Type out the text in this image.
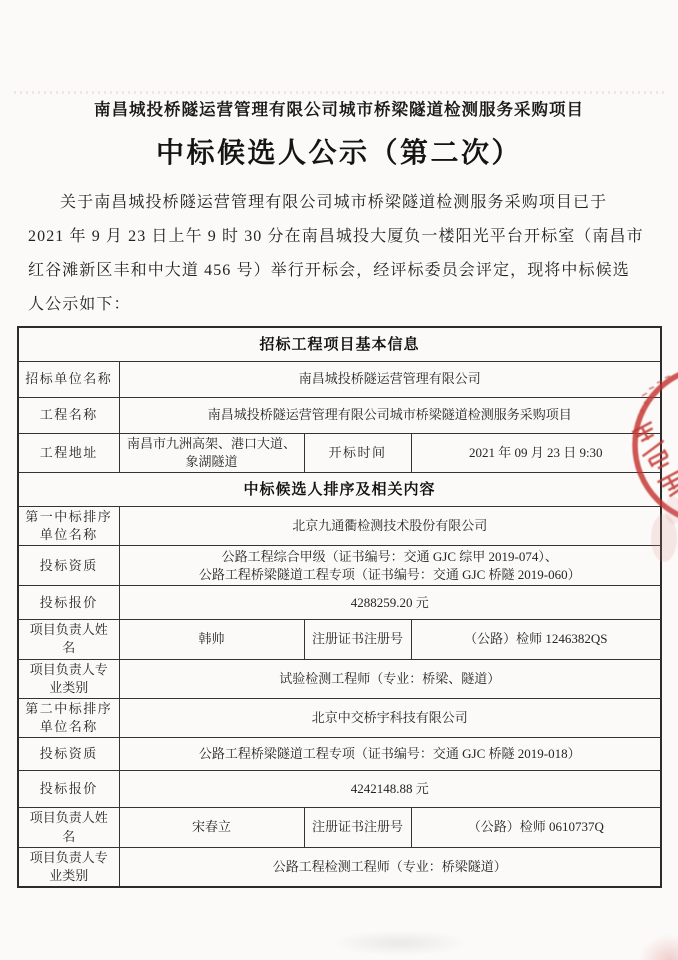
南昌城投桥隧运营管理有限公司城市桥梁隧道检测服务采购项目
中标候选人公示（第二次）
关于南昌城投桥隧运营管理有限公司城市桥梁隧道检测服务采购项目已于
2021 年 9 月 23 日上午 9 时 30 分在南昌城投大厦负一楼阳光平台开标室（南昌市
红谷滩新区丰和中大道 456 号）举行开标会，经评标委员会评定，现将中标候选
人公示如下：
招标工程项目基本信息			
招标单位名称	南昌城投桥隧运营管理有限公司		
工程名称	南昌城投桥隧运营管理有限公司城市桥梁隧道检测服务采购项目		
工程地址	南昌市九洲高架、港口大道、象湖隧道	开标时间	2021 年 09 月 23 日 9:30
中标候选人排序及相关内容			
第一中标排序单位名称	北京九通衢检测技术股份有限公司		
投标资质	公路工程综合甲级（证书编号：交通 GJC 综甲 2019-074）、
公路工程桥梁隧道工程专项（证书编号：交通 GJC 桥隧 2019-060）		

投标报价	4288259.20 元		
项目负责人姓名	韩帅	注册证书注册号	（公路）检师 1246382QS
项目负责人专业类别	试验检测工程师（专业：桥梁、隧道）		
第二中标排序单位名称	北京中交桥宇科技有限公司		
投标资质	公路工程桥梁隧道工程专项（证书编号：交通 GJC 桥隧 2019-018）		
投标报价	4242148.88 元		
项目负责人姓名	宋春立	注册证书注册号	（公路）检师 0610737Q
项目负责人专业类别	公路工程检测工程师（专业：桥梁隧道）		
